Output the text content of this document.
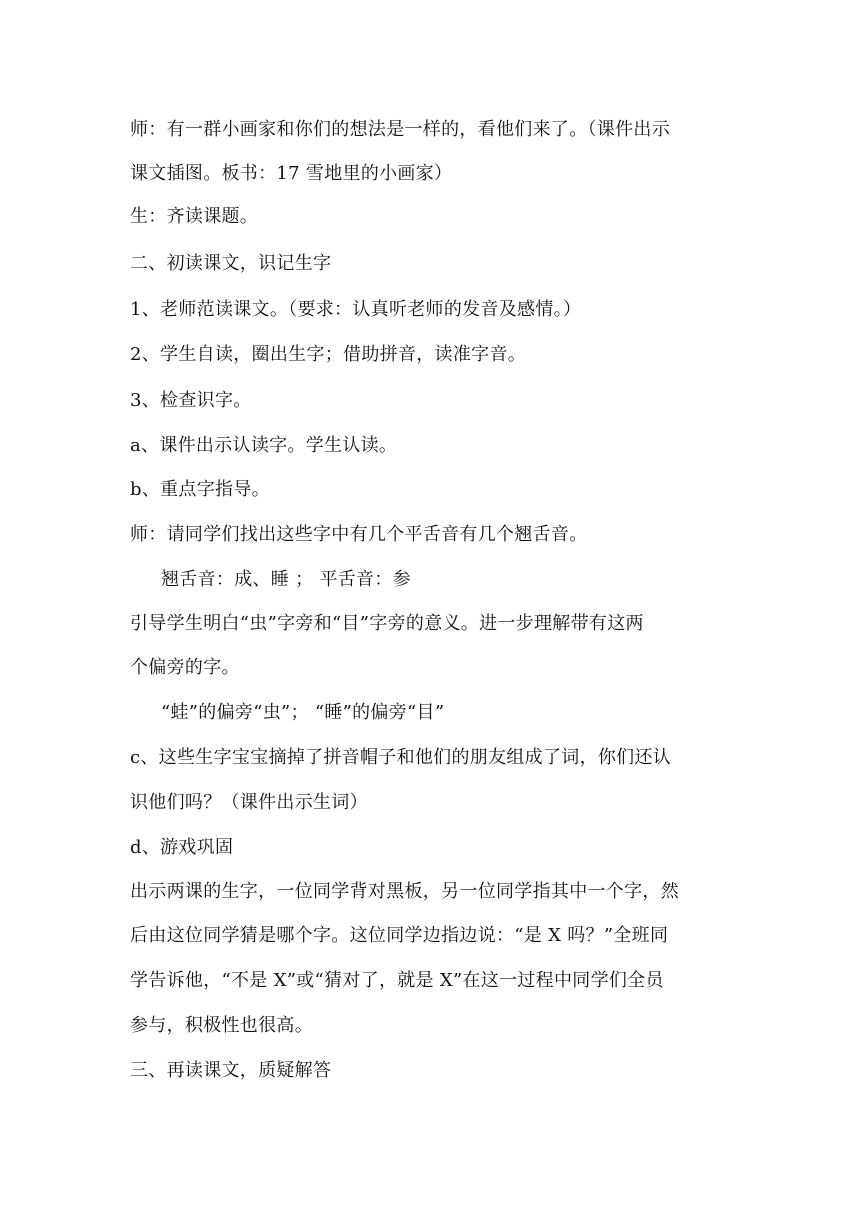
师：有一群小画家和你们的想法是一样的，看他们来了。（课件出示
课文插图。板书：17 雪地里的小画家）
生：齐读课题。
二、初读课文，识记生字
1、老师范读课文。（要求：认真听老师的发音及感情。）
2、学生自读，圈出生字；借助拼音，读准字音。
3、检查识字。
a、课件出示认读字。学生认读。
b、重点字指导。
师：请同学们找出这些字中有几个平舌音有几个翘舌音。
翘舌音：成、睡 ； 平舌音：参
引导学生明白“虫”字旁和“目”字旁的意义。进一步理解带有这两
个偏旁的字。
“蛙”的偏旁“虫”； “睡”的偏旁“目”
c、这些生字宝宝摘掉了拼音帽子和他们的朋友组成了词，你们还认
识他们吗？（课件出示生词）
d、游戏巩固
出示两课的生字，一位同学背对黑板，另一位同学指其中一个字，然
后由这位同学猜是哪个字。这位同学边指边说：“是 X 吗？”全班同
学告诉他，“不是 X”或“猜对了，就是 X”在这一过程中同学们全员
参与，积极性也很高。
三、再读课文，质疑解答
